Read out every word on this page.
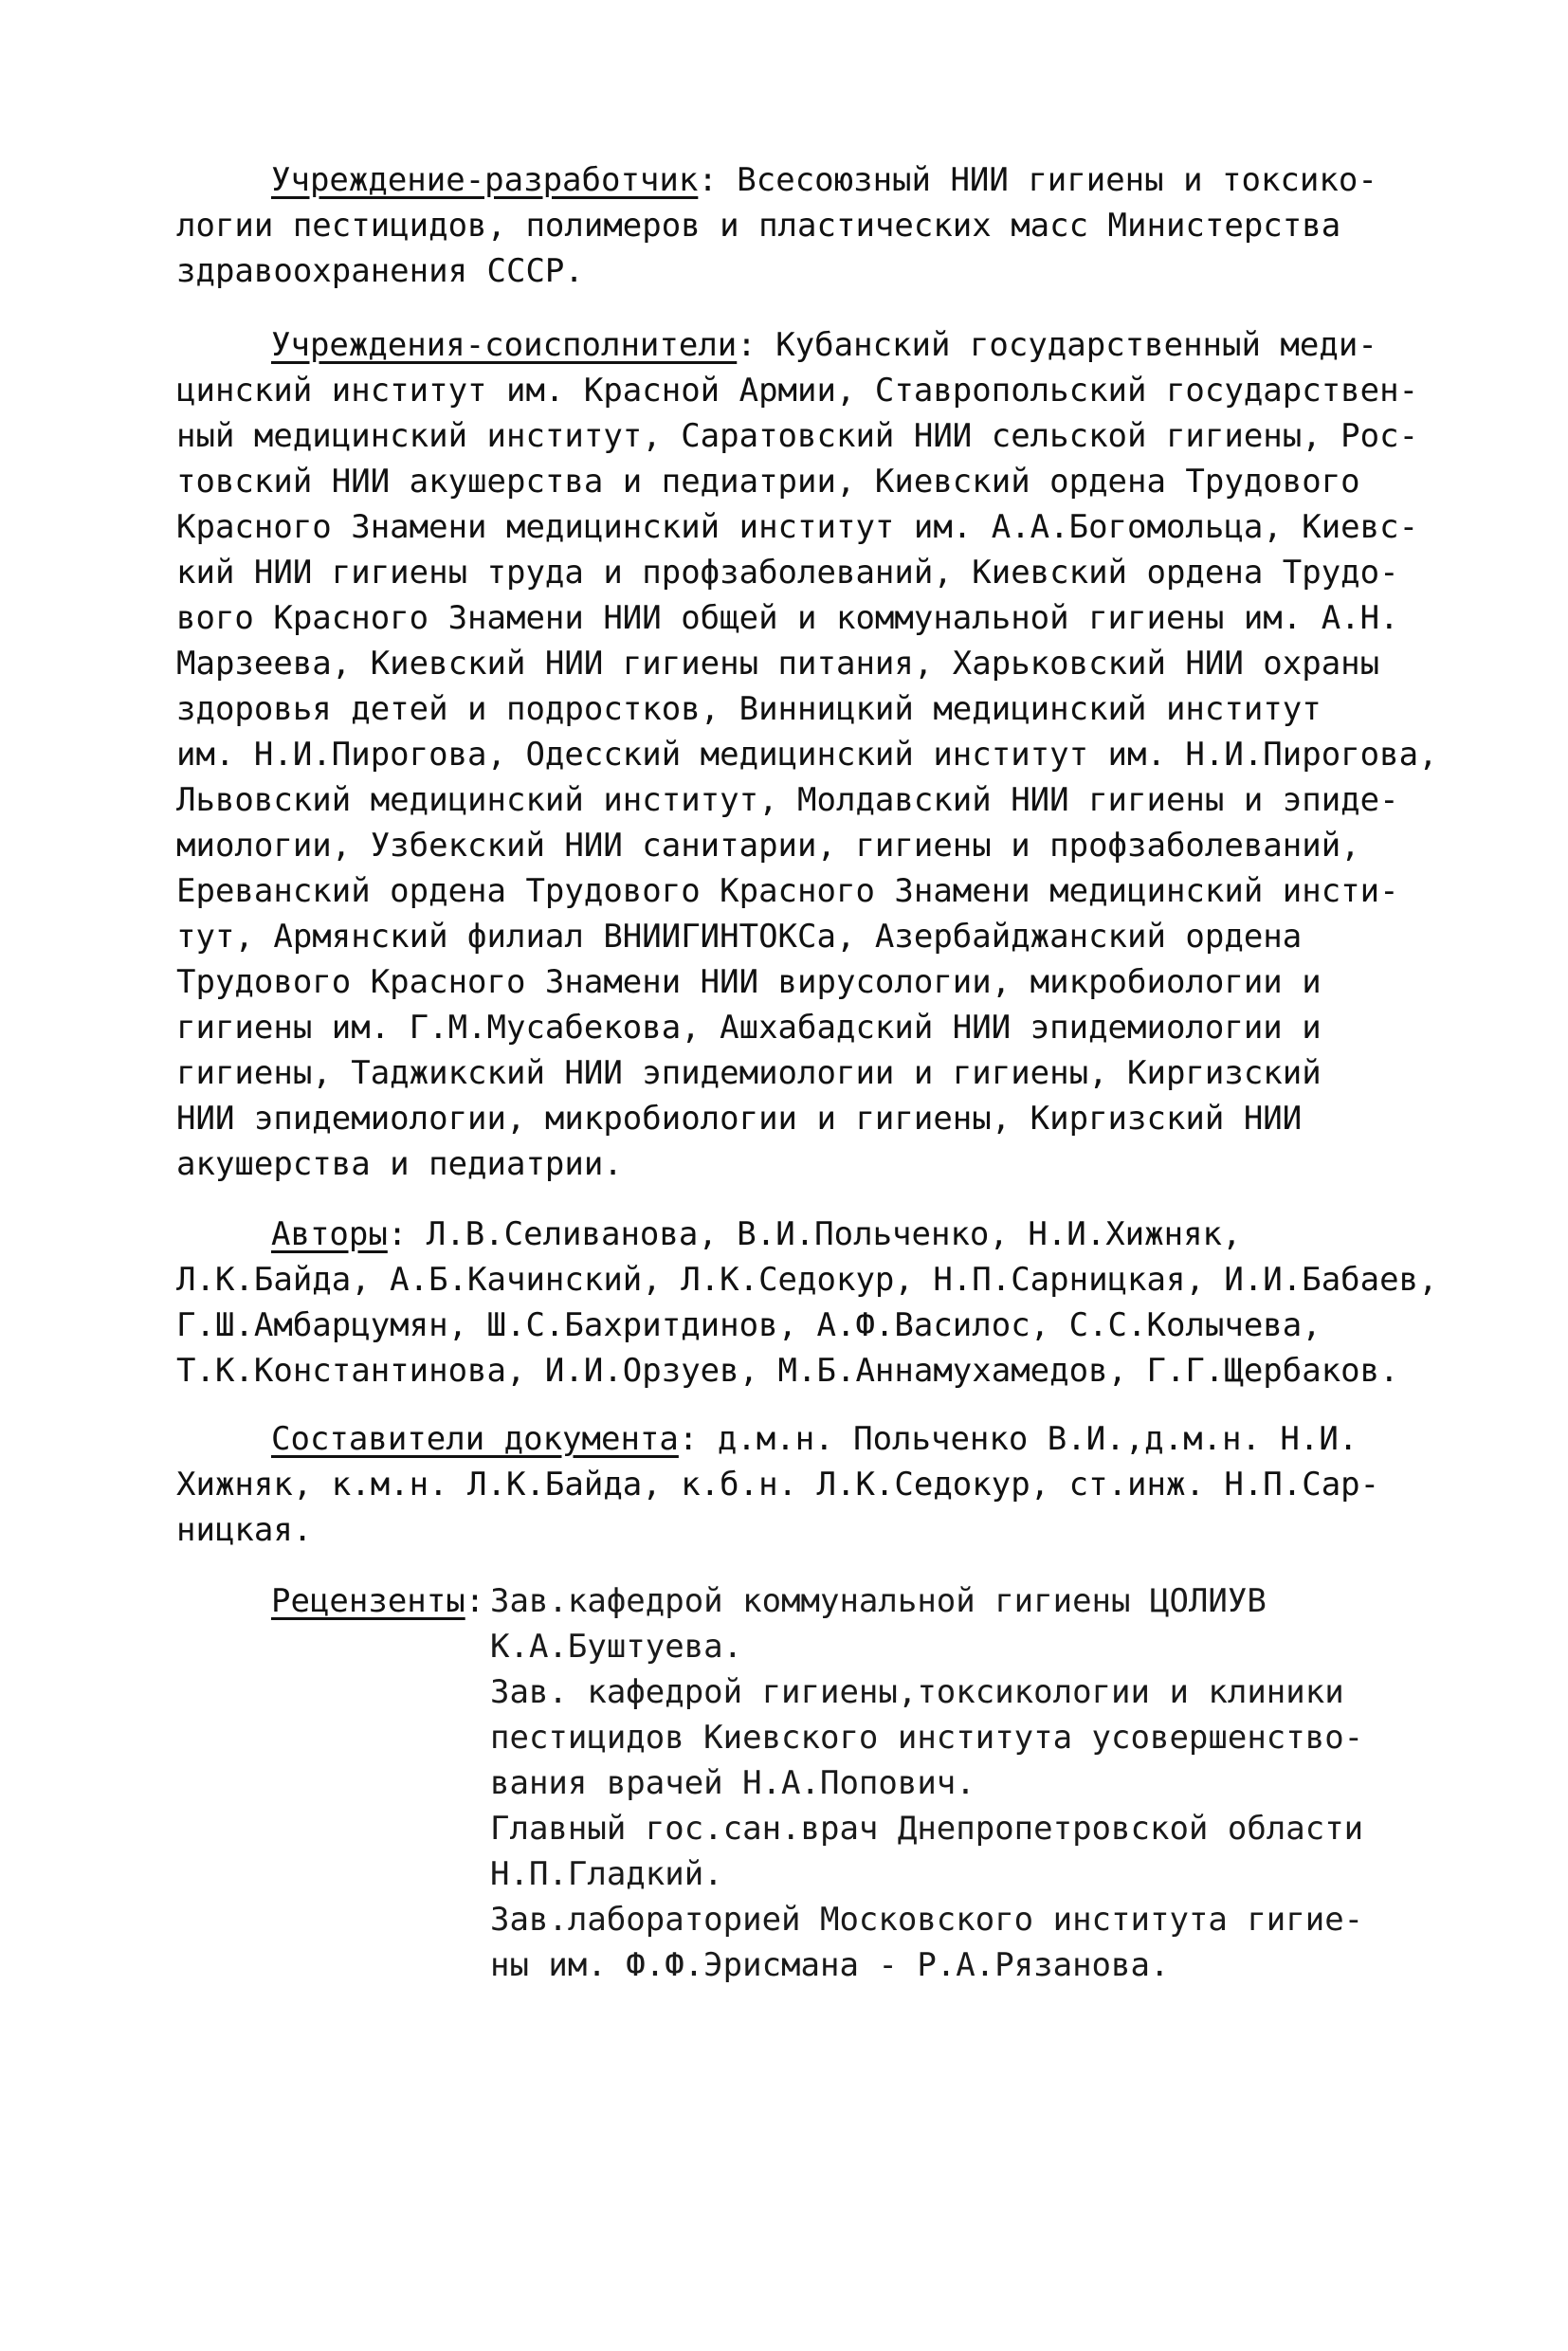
Учреждение-разработчик: Всесоюзный НИИ гигиены и токсико-
логии пестицидов, полимеров и пластических масс Министерства
здравоохранения СССР.
Учреждения-соисполнители: Кубанский государственный меди-
цинский институт им. Красной Армии, Ставропольский государствен-
ный медицинский институт, Саратовский НИИ сельской гигиены, Рос-
товский НИИ акушерства и педиатрии, Киевский ордена Трудового
Красного Знамени медицинский институт им. А.А.Богомольца, Киевс-
кий НИИ гигиены труда и профзаболеваний, Киевский ордена Трудо-
вого Красного Знамени НИИ общей и коммунальной гигиены им. А.Н.
Марзеева, Киевский НИИ гигиены питания, Харьковский НИИ охраны
здоровья детей и подростков, Винницкий медицинский институт
им. Н.И.Пирогова, Одесский медицинский институт им. Н.И.Пирогова,
Львовский медицинский институт, Молдавский НИИ гигиены и эпиде-
миологии, Узбекский НИИ санитарии, гигиены и профзаболеваний,
Ереванский ордена Трудового Красного Знамени медицинский инсти-
тут, Армянский филиал ВНИИГИНТОКСа, Азербайджанский ордена
Трудового Красного Знамени НИИ вирусологии, микробиологии и
гигиены им. Г.М.Мусабекова, Ашхабадский НИИ эпидемиологии и
гигиены, Таджикский НИИ эпидемиологии и гигиены, Киргизский
НИИ эпидемиологии, микробиологии и гигиены, Киргизский НИИ
акушерства и педиатрии.
Авторы: Л.В.Селиванова, В.И.Польченко, Н.И.Хижняк,
Л.К.Байда, А.Б.Качинский, Л.К.Седокур, Н.П.Сарницкая, И.И.Бабаев,
Г.Ш.Амбарцумян, Ш.С.Бахритдинов, А.Ф.Василос, С.С.Колычева,
Т.К.Константинова, И.И.Орзуев, М.Б.Аннамухамедов, Г.Г.Щербаков.
Составители документа: д.м.н. Польченко В.И.,д.м.н. Н.И.
Хижняк, к.м.н. Л.К.Байда, к.б.н. Л.К.Седокур, ст.инж. Н.П.Сар-
ницкая.
Рецензенты: Зав.кафедрой коммунальной гигиены ЦОЛИУВ
К.А.Буштуева.
Зав. кафедрой гигиены,токсикологии и клиники
пестицидов Киевского института усовершенство-
вания врачей Н.А.Попович.
Главный гос.сан.врач Днепропетровской области
Н.П.Гладкий.
Зав.лабораторией Московского института гигие-
ны им. Ф.Ф.Эрисмана - Р.А.Рязанова.
